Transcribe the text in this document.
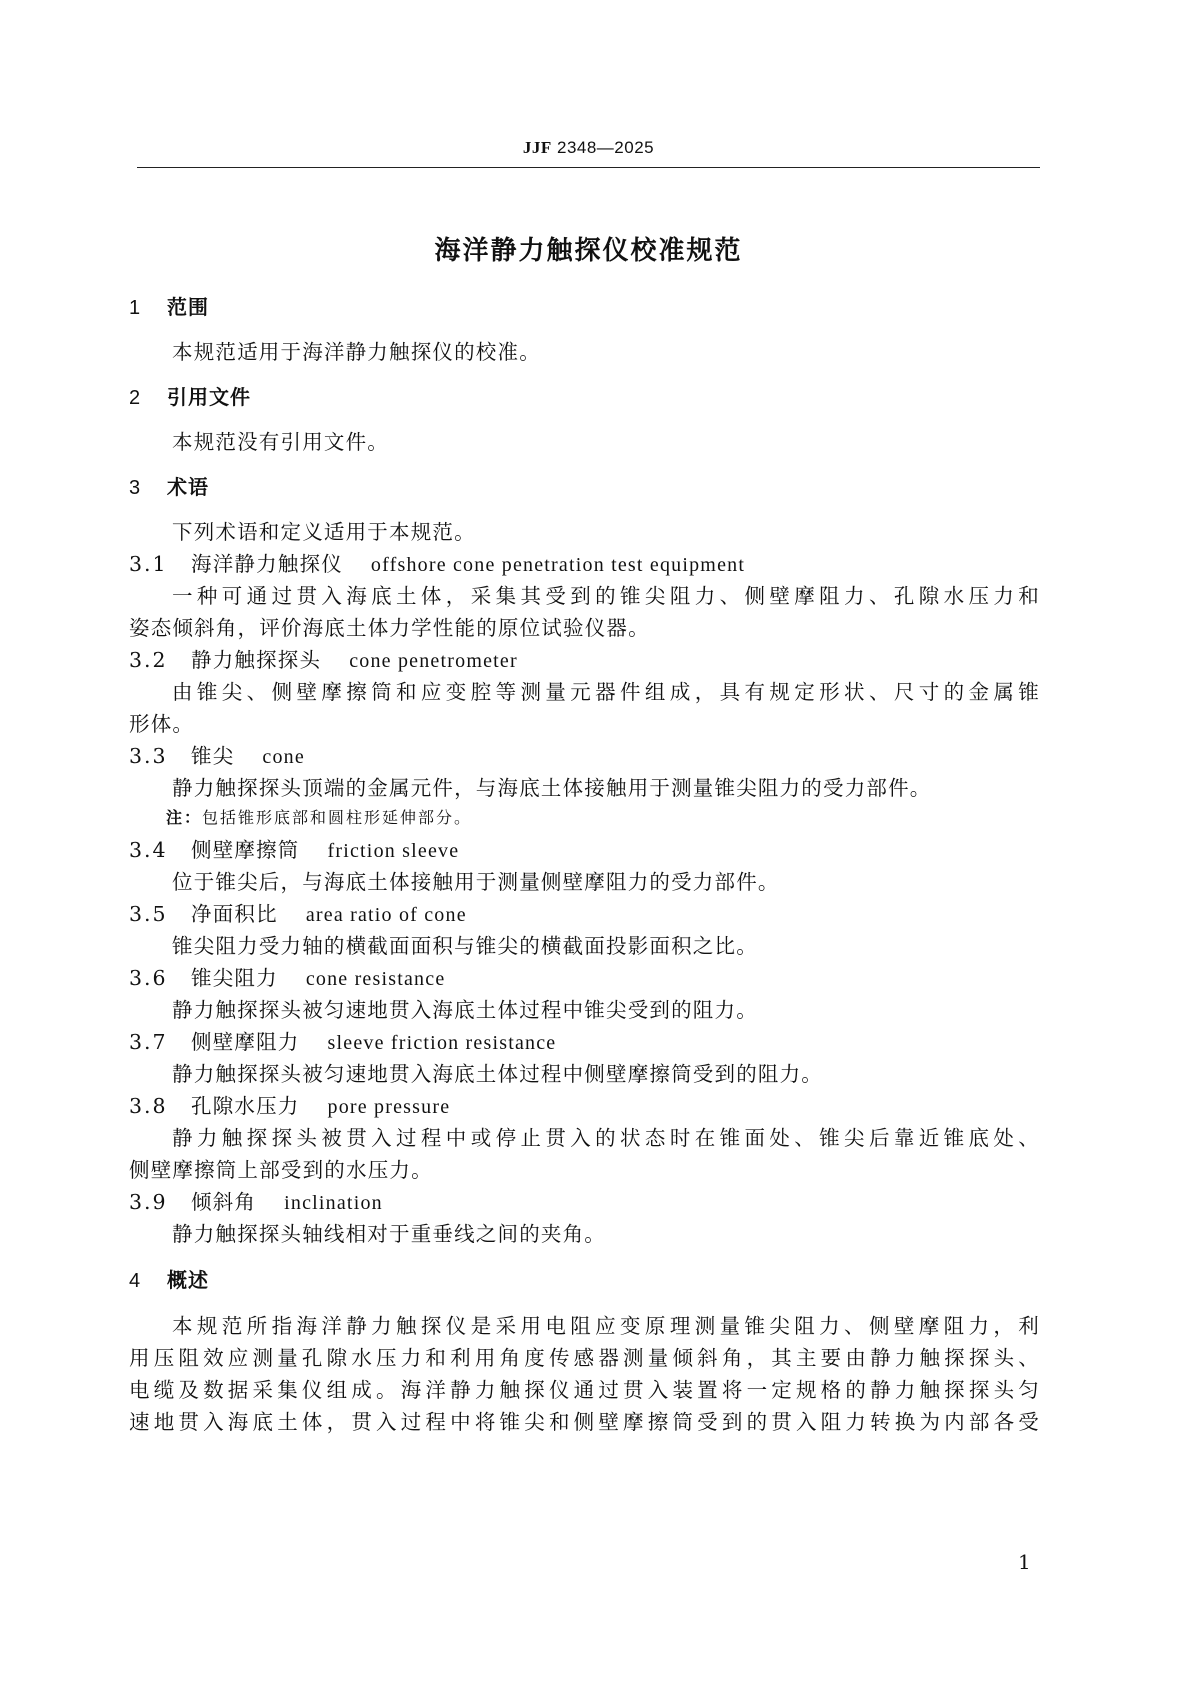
JJF 2348—2025
海洋静力触探仪校准规范
1 范围
本规范适用于海洋静力触探仪的校准。
2 引用文件
本规范没有引用文件。
3 术语
下列术语和定义适用于本规范。
3.1 海洋静力触探仪 offshore cone penetration test equipment
一种可通过贯入海底土体，采集其受到的锥尖阻力、侧壁摩阻力、孔隙水压力和
姿态倾斜角，评价海底土体力学性能的原位试验仪器。
3.2 静力触探探头 cone penetrometer
由锥尖、侧壁摩擦筒和应变腔等测量元器件组成，具有规定形状、尺寸的金属锥
形体。
3.3 锥尖 cone
静力触探探头顶端的金属元件，与海底土体接触用于测量锥尖阻力的受力部件。
注：包括锥形底部和圆柱形延伸部分。
3.4 侧壁摩擦筒 friction sleeve
位于锥尖后，与海底土体接触用于测量侧壁摩阻力的受力部件。
3.5 净面积比 area ratio of cone
锥尖阻力受力轴的横截面面积与锥尖的横截面投影面积之比。
3.6 锥尖阻力 cone resistance
静力触探探头被匀速地贯入海底土体过程中锥尖受到的阻力。
3.7 侧壁摩阻力 sleeve friction resistance
静力触探探头被匀速地贯入海底土体过程中侧壁摩擦筒受到的阻力。
3.8 孔隙水压力 pore pressure
静力触探探头被贯入过程中或停止贯入的状态时在锥面处、锥尖后靠近锥底处、
侧壁摩擦筒上部受到的水压力。
3.9 倾斜角 inclination
静力触探探头轴线相对于重垂线之间的夹角。
4 概述
本规范所指海洋静力触探仪是采用电阻应变原理测量锥尖阻力、侧壁摩阻力，利
用压阻效应测量孔隙水压力和利用角度传感器测量倾斜角，其主要由静力触探探头、
电缆及数据采集仪组成。海洋静力触探仪通过贯入装置将一定规格的静力触探探头匀
速地贯入海底土体，贯入过程中将锥尖和侧壁摩擦筒受到的贯入阻力转换为内部各受
1
